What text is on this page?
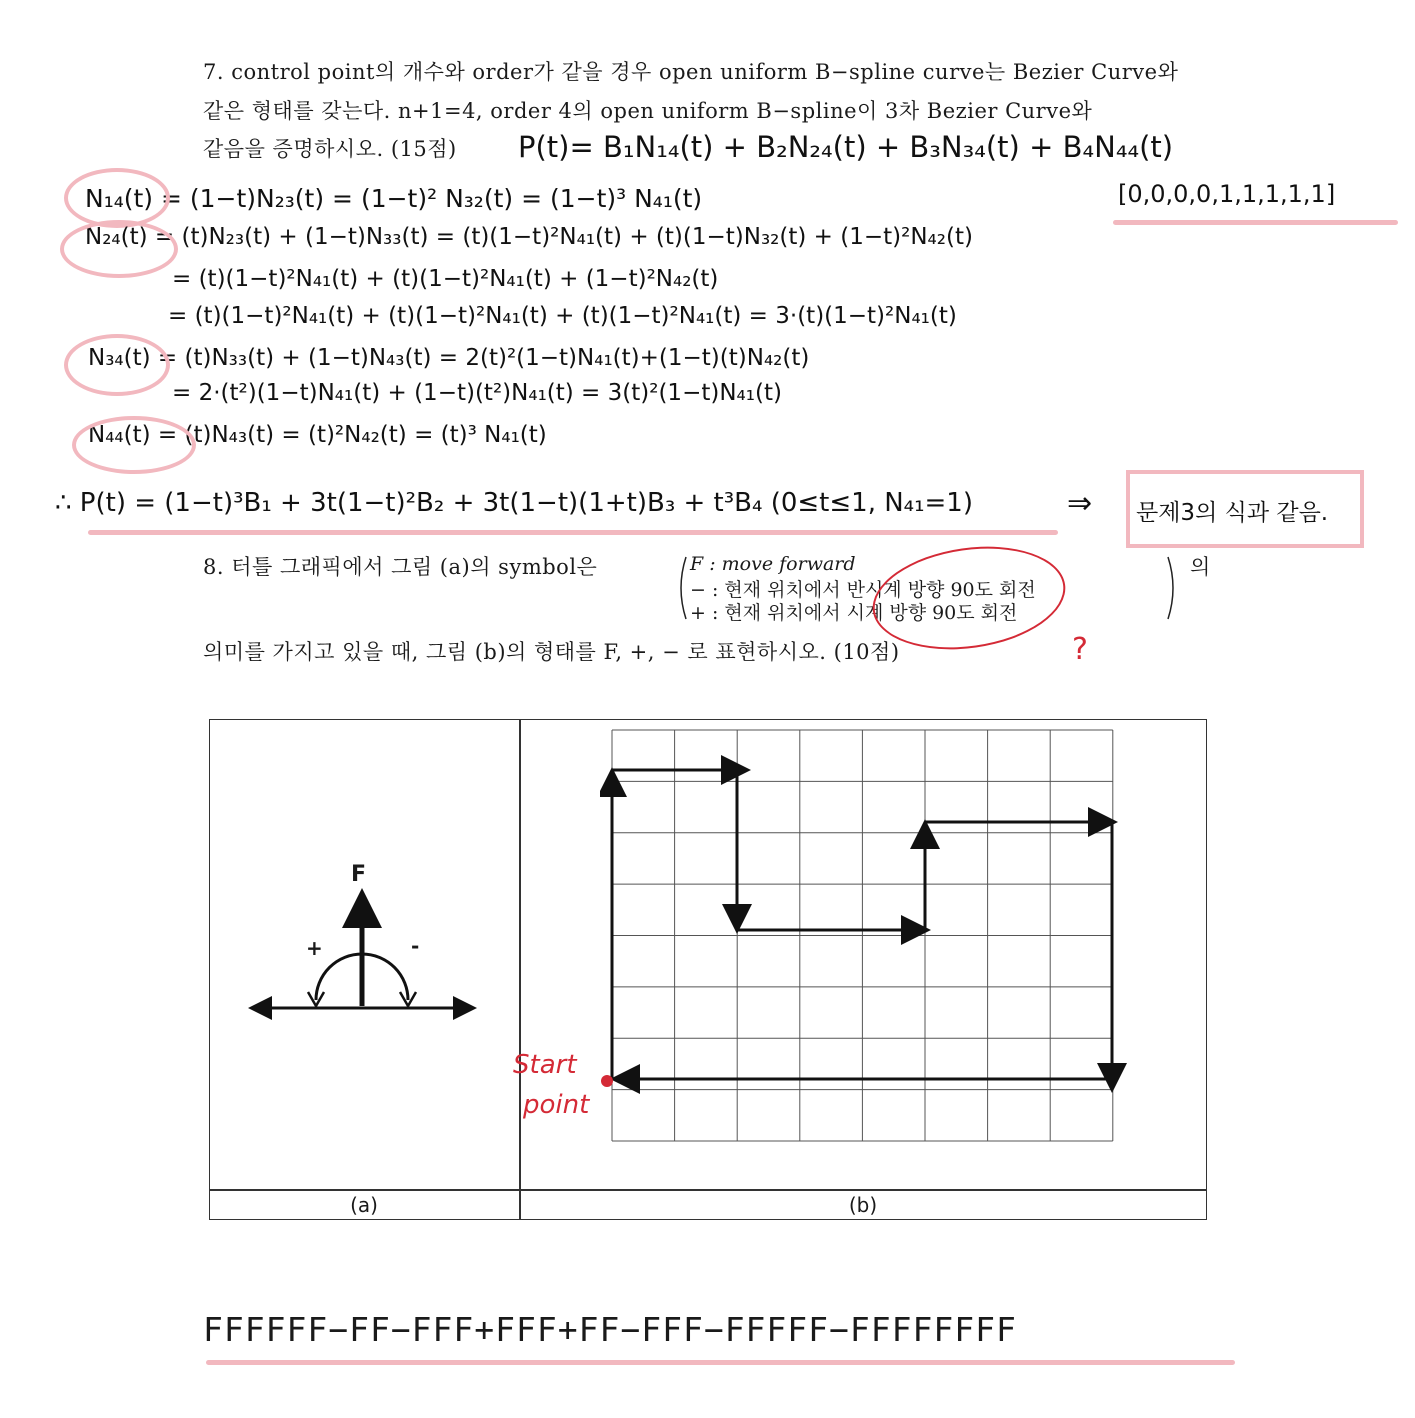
7. control point의 개수와 order가 같을 경우 open uniform B−spline curve는 Bezier Curve와
같은 형태를 갖는다. n+1=4, order 4의 open uniform B−spline이 3차 Bezier Curve와
같음을 증명하시오. (15점) P(t)= B₁N₁₄(t) + B₂N₂₄(t) + B₃N₃₄(t) + B₄N₄₄(t)
[0,0,0,0,1,1,1,1,1]
N₁₄(t) = (1−t)N₂₃(t) = (1−t)² N₃₂(t) = (1−t)³ N₄₁(t)
N₂₄(t) = (t)N₂₃(t) + (1−t)N₃₃(t) = (t)(1−t)²N₄₁(t) + (t)(1−t)N₃₂(t) + (1−t)²N₄₂(t)
= (t)(1−t)²N₄₁(t) + (t)(1−t)²N₄₁(t) + (1−t)²N₄₂(t)
= (t)(1−t)²N₄₁(t) + (t)(1−t)²N₄₁(t) + (t)(1−t)²N₄₁(t) = 3·(t)(1−t)²N₄₁(t)
N₃₄(t) = (t)N₃₃(t) + (1−t)N₄₃(t) = 2(t)²(1−t)N₄₁(t)+(1−t)(t)N₄₂(t)
= 2·(t²)(1−t)N₄₁(t) + (1−t)(t²)N₄₁(t) = 3(t)²(1−t)N₄₁(t)
N₄₄(t) = (t)N₄₃(t) = (t)²N₄₂(t) = (t)³ N₄₁(t)
∴ P(t) = (1−t)³B₁ + 3t(1−t)²B₂ + 3t(1−t)(1+t)B₃ + t³B₄ (0≤t≤1, N₄₁=1)	⇒ 문제3의 식과 같음.
8. 터틀 그래픽에서 그림 (a)의 symbol은	F : move forward
− : 현재 위치에서 반시계 방향 90도 회전
+ : 현재 위치에서 시계 방향 90도 회전
의
의미를 가지고 있을 때, 그림 (b)의 형태를 F, +, − 로 표현하시오. (10점)	?
(a)	(b)
F
+	-
Start
point
FFFFFF−FF−FFF+FFF+FF−FFF−FFFFF−FFFFFFFF
